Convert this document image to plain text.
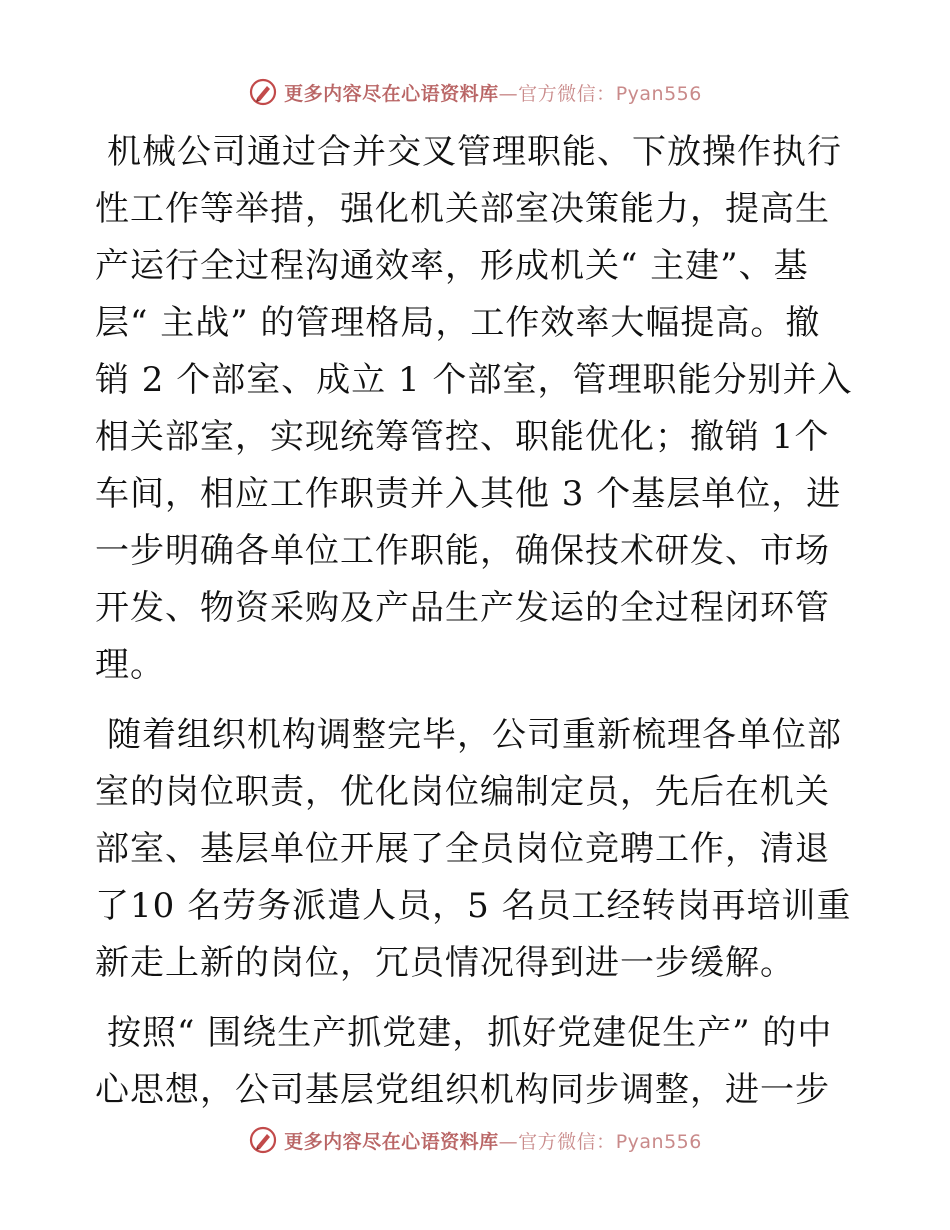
更多内容尽在心语资料库—官方微信：Pyan556

机械公司通过合并交叉管理职能、下放操作执行性工作等举措，强化机关部室决策能力，提高生产运行全过程沟通效率，形成机关“ 主建”、基层“ 主战” 的管理格局，工作效率大幅提高。撤销 2 个部室、成立 1 个部室，管理职能分别并入相关部室，实现统筹管控、职能优化；撤销 1个车间，相应工作职责并入其他 3 个基层单位，进一步明确各单位工作职能，确保技术研发、市场开发、物资采购及产品生产发运的全过程闭环管理。

随着组织机构调整完毕，公司重新梳理各单位部室的岗位职责，优化岗位编制定员，先后在机关部室、基层单位开展了全员岗位竞聘工作，清退了10 名劳务派遣人员，5 名员工经转岗再培训重新走上新的岗位，冗员情况得到进一步缓解。

按照“ 围绕生产抓党建，抓好党建促生产” 的中心思想，公司基层党组织机构同步调整，进一步

更多内容尽在心语资料库—官方微信：Pyan556
